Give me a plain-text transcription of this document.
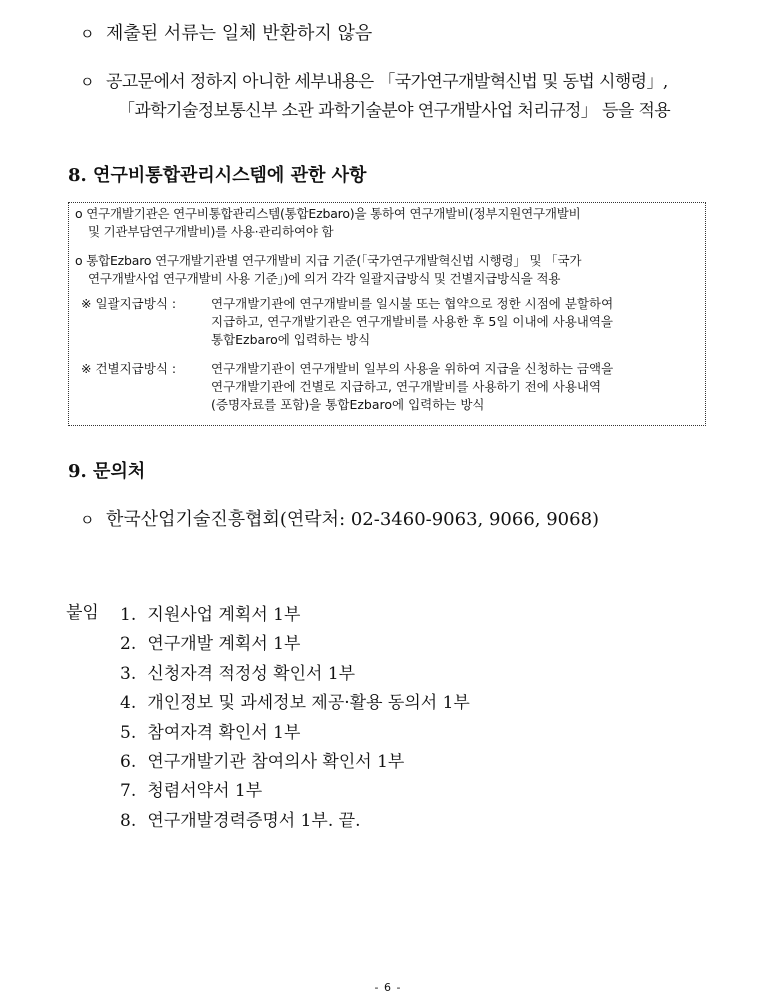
ㅇ 제출된 서류는 일체 반환하지 않음
ㅇ 공고문에서 정하지 아니한 세부내용은 「국가연구개발혁신법 및 동법 시행령」,
「과학기술정보통신부 소관 과학기술분야 연구개발사업 처리규정」 등을 적용
8. 연구비통합관리시스템에 관한 사항
o 연구개발기관은 연구비통합관리스템(통합Ezbaro)을 통하여 연구개발비(정부지원연구개발비
및 기관부담연구개발비)를 사용·관리하여야 함
o 통합Ezbaro 연구개발기관별 연구개발비 지급 기준(「국가연구개발혁신법 시행령」 및 「국가
연구개발사업 연구개발비 사용 기준」)에 의거 각각 일괄지급방식 및 건별지급방식을 적용
※ 일괄지급방식 :	연구개발기관에 연구개발비를 일시불 또는 협약으로 정한 시점에 분할하여
지급하고, 연구개발기관은 연구개발비를 사용한 후 5일 이내에 사용내역을
통합Ezbaro에 입력하는 방식
※ 건별지급방식 :	연구개발기관이 연구개발비 일부의 사용을 위하여 지급을 신청하는 금액을
연구개발기관에 건별로 지급하고, 연구개발비를 사용하기 전에 사용내역
(증명자료를 포함)을 통합Ezbaro에 입력하는 방식
9. 문의처
ㅇ 한국산업기술진흥협회(연락처: 02-3460-9063, 9066, 9068)
붙임 1. 지원사업 계획서 1부
2. 연구개발 계획서 1부
3. 신청자격 적정성 확인서 1부
4. 개인정보 및 과세정보 제공·활용 동의서 1부
5. 참여자격 확인서 1부
6. 연구개발기관 참여의사 확인서 1부
7. 청렴서약서 1부
8. 연구개발경력증명서 1부. 끝.
- 6 -
